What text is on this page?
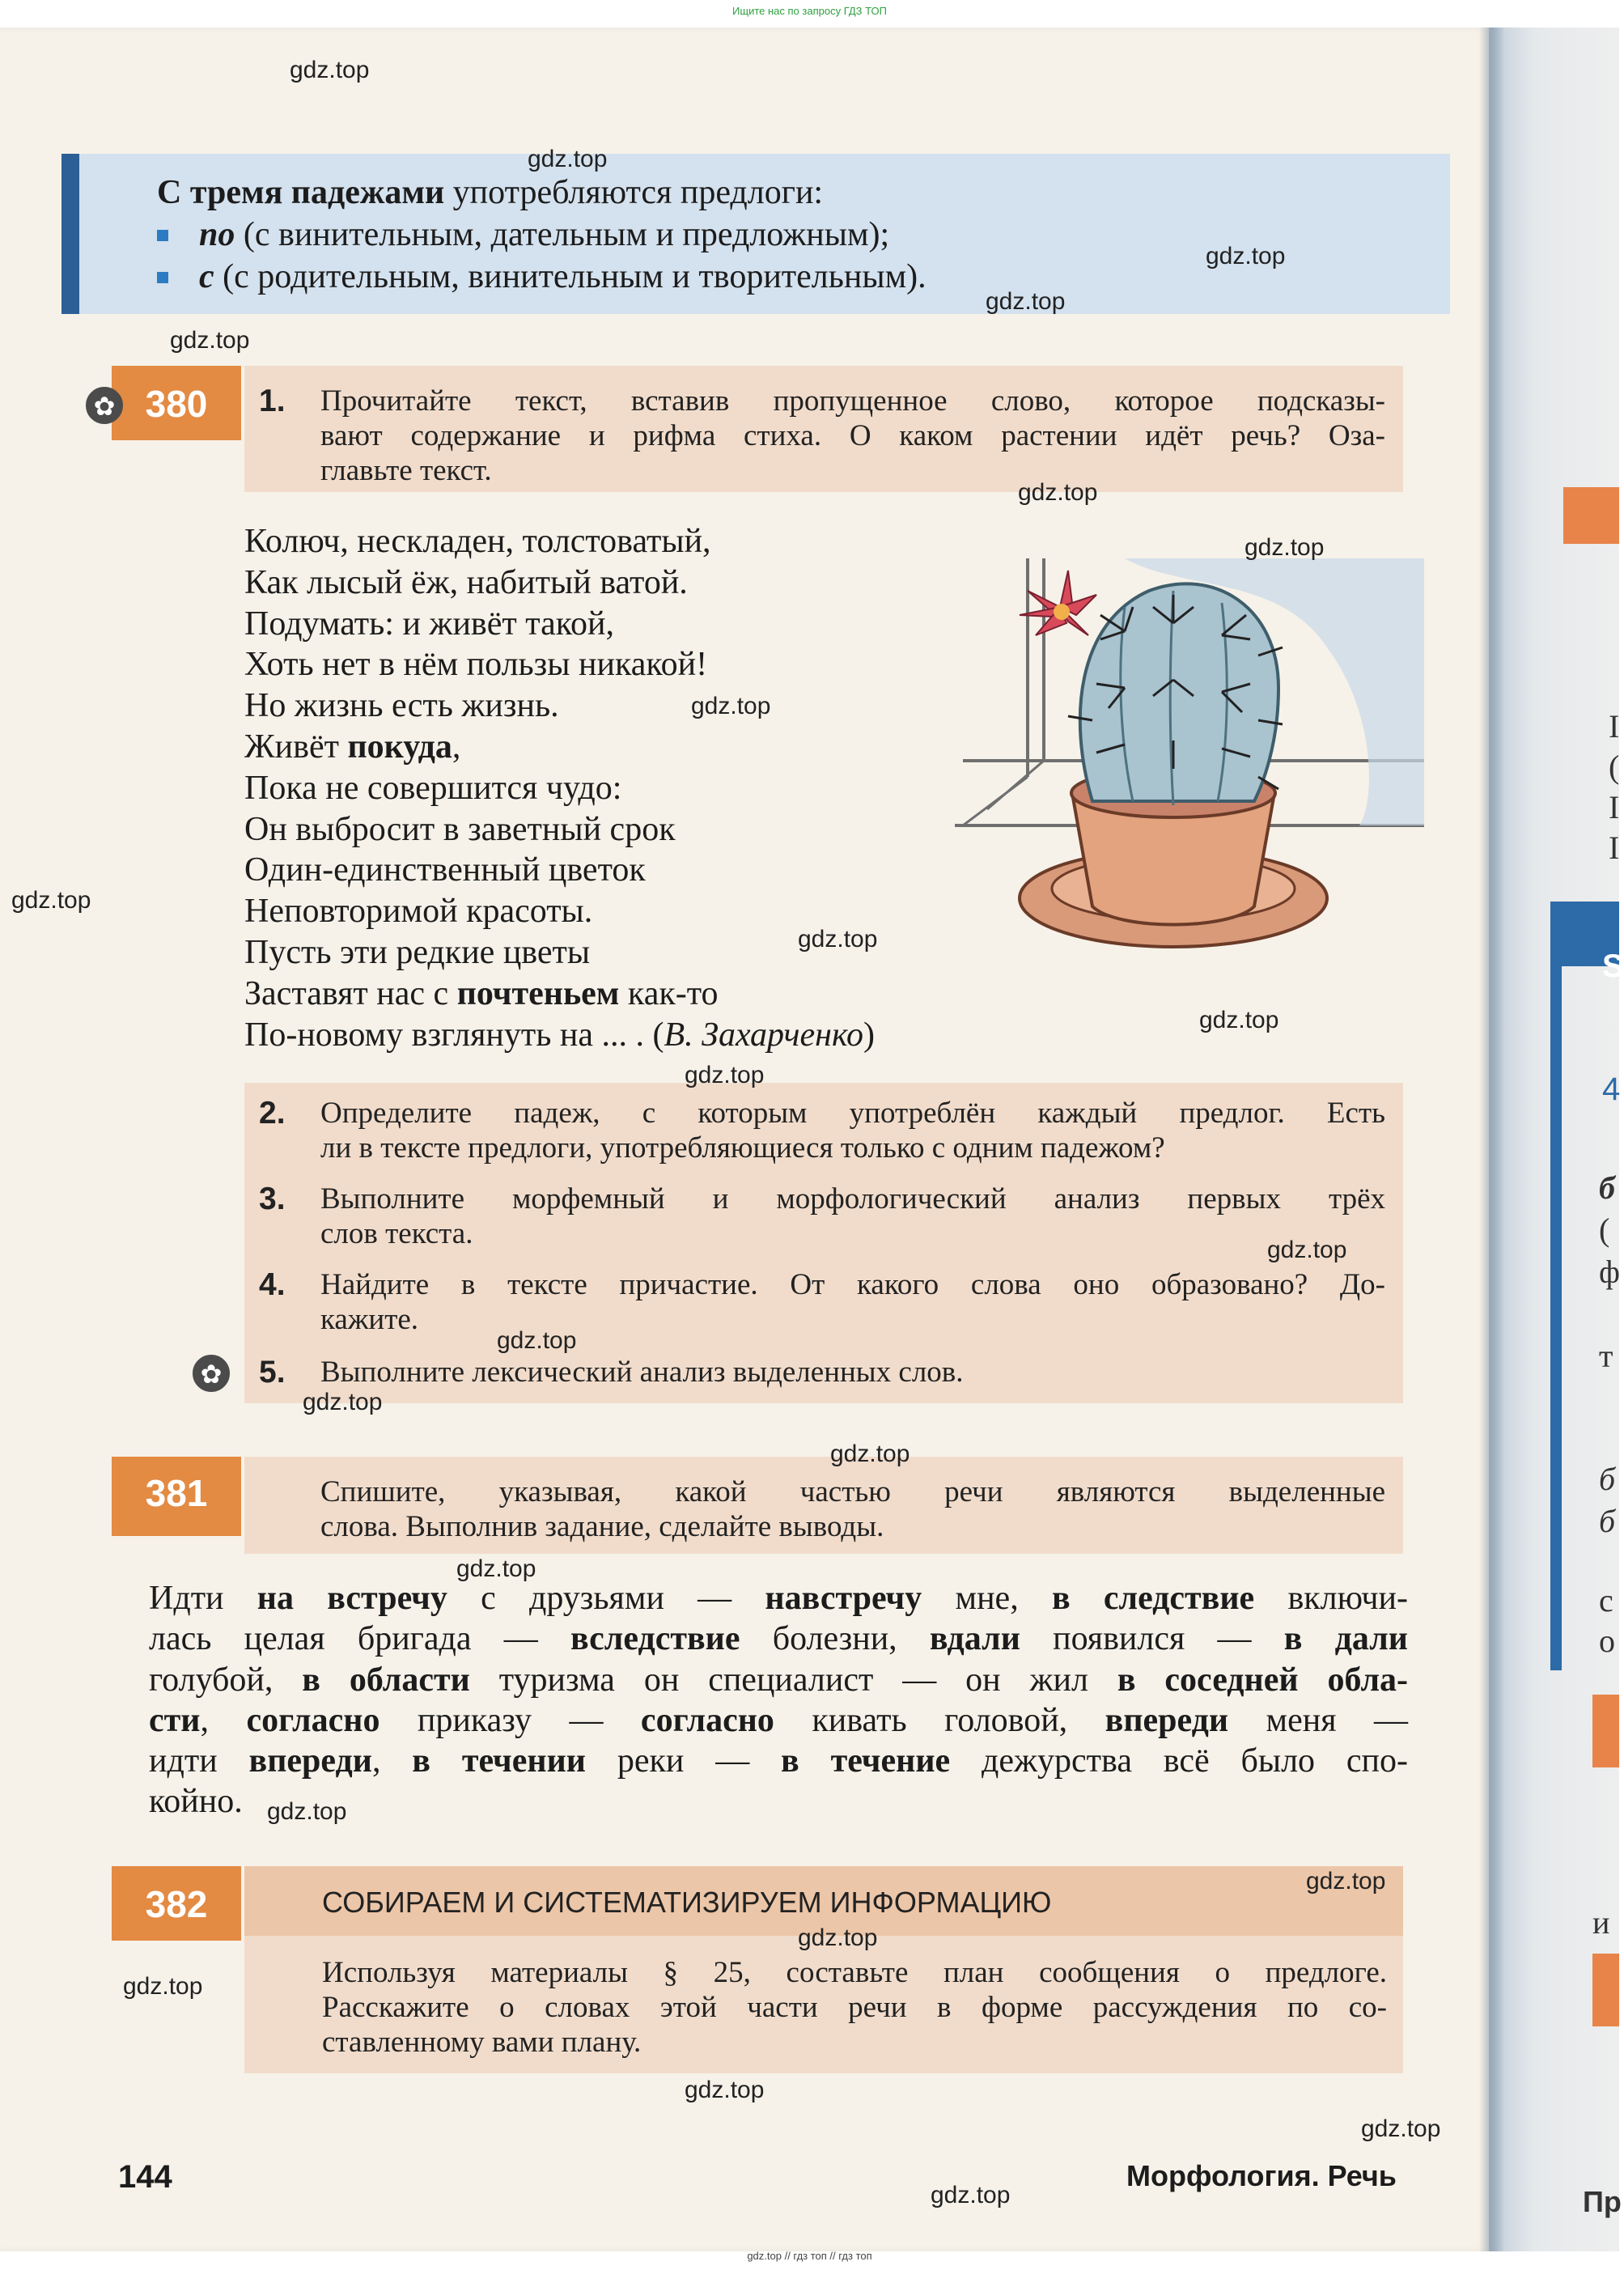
Ищите нас по запросу ГДЗ ТОП
S
4
б
(
ф
т
б
б
с
о
и
Пр
I
(
I
I
С тремя падежами употребляются предлоги:
по (с винительным, дательным и предложным);
с (с родительным, винительным и творительным).
380
✿	1. Прочитайте текст, вставив пропущенное слово, которое подсказы-
вают содержание и рифма стиха. О каком растении идёт речь? Оза-
главьте текст.
Колюч, нескладен, толстоватый,
Как лысый ёж, набитый ватой.
Подумать: и живёт такой,
Хоть нет в нём пользы никакой!
Но жизнь есть жизнь.
Живёт покуда,
Пока не совершится чудо:
Он выбросит в заветный срок
Один-единственный цветок
Неповторимой красоты.
Пусть эти редкие цветы
Заставят нас с почтеньем как-то
По-новому взглянуть на ... . (В. Захарченко)
2. Определите падеж, с которым употреблён каждый предлог. Есть
ли в тексте предлоги, употребляющиеся только с одним падежом?
3. Выполните морфемный и морфологический анализ первых трёх
слов текста.
4. Найдите в тексте причастие. От какого слова оно образовано? До-
кажите.
✿
5. Выполните лексический анализ выделенных слов.
381	Спишите, указывая, какой частью речи являются выделенные
слова. Выполнив задание, сделайте выводы.
Идти на встречу с друзьями — навстречу мне, в следствие включи-
лась целая бригада — вследствие болезни, вдали появился — в дали
голубой, в области туризма он специалист — он жил в соседней обла-
сти, согласно приказу — согласно кивать головой, впереди меня —
идти впереди, в течении реки — в течение дежурства всё было спо-
койно.
382	СОБИРАЕМ И СИСТЕМАТИЗИРУЕМ ИНФОРМАЦИЮ
Используя материалы § 25, составьте план сообщения о предлоге.
Расскажите о словах этой части речи в форме рассуждения по со-
ставленному вами плану.
144	Морфология. Речь
gdz.top
gdz.top
gdz.top
gdz.top
gdz.top
gdz.top
gdz.top
gdz.top
gdz.top
gdz.top
gdz.top
gdz.top
gdz.top
gdz.top
gdz.top
gdz.top
gdz.top
gdz.top
gdz.top
gdz.top
gdz.top
gdz.top
gdz.top
gdz.top
gdz.top // гдз топ // гдз топ
